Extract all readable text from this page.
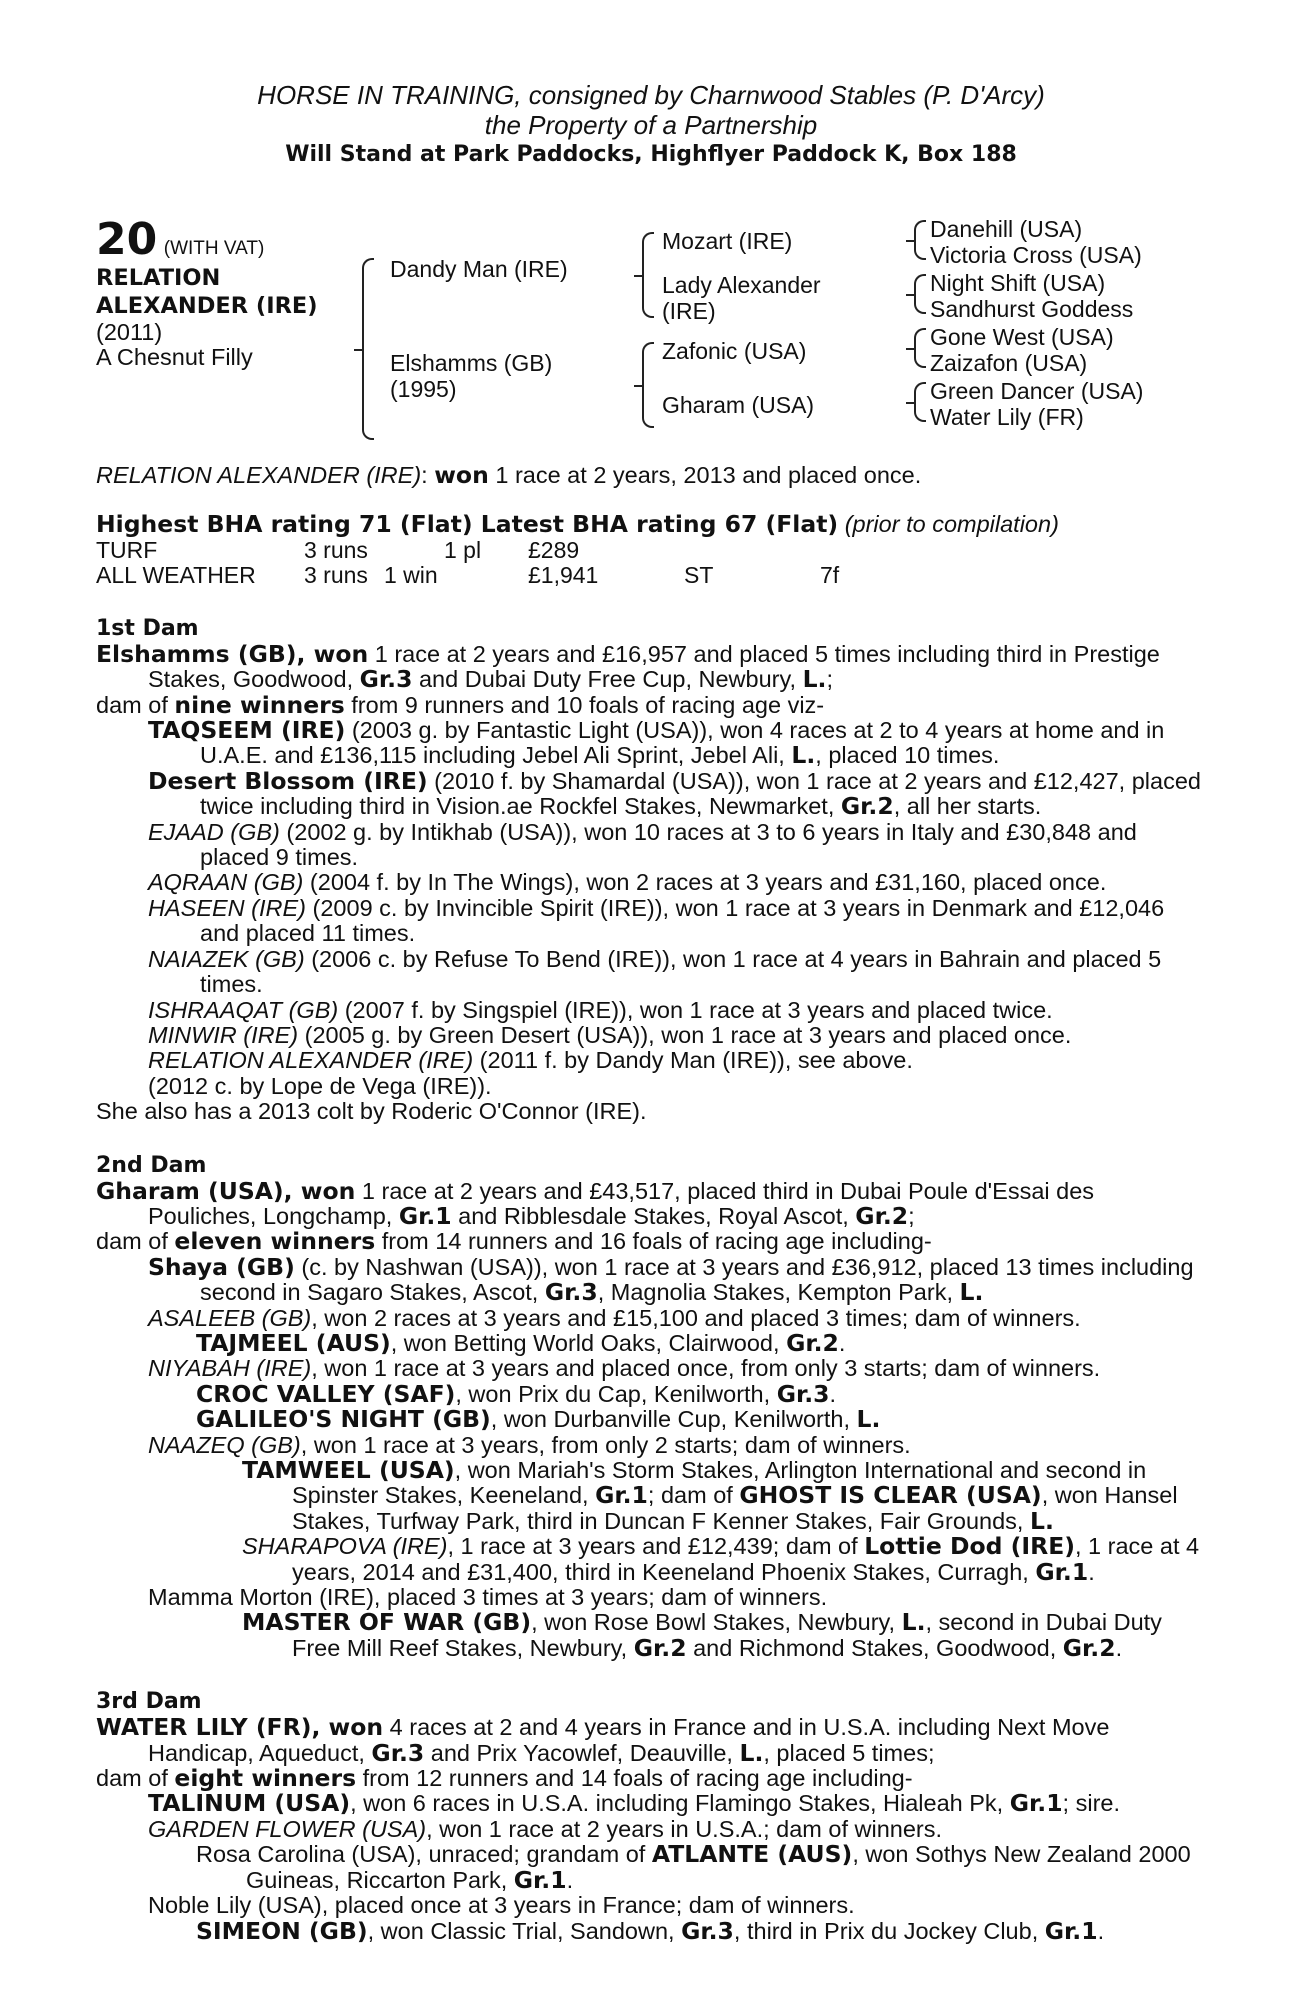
HORSE IN TRAINING, consigned by Charnwood Stables (P. D'Arcy)
the Property of a Partnership
Will Stand at Park Paddocks, Highflyer Paddock K, Box 188
20 (WITH VAT)
RELATION
ALEXANDER (IRE)
(2011)
A Chesnut Filly
Dandy Man (IRE)
Elshamms (GB)
(1995)
Mozart (IRE)
Lady Alexander
(IRE)
Zafonic (USA)
Gharam (USA)
Danehill (USA)
Victoria Cross (USA)
Night Shift (USA)
Sandhurst Goddess
Gone West (USA)
Zaizafon (USA)
Green Dancer (USA)
Water Lily (FR)

RELATION ALEXANDER (IRE): won 1 race at 2 years, 2013 and placed once.

Highest BHA rating 71 (Flat) Latest BHA rating 67 (Flat) (prior to compilation)

TURF	3 runs		1 pl	£289		
ALL WEATHER	3 runs	1 win		£1,941	ST	7f
1st Dam

Elshamms (GB), won 1 race at 2 years and £16,957 and placed 5 times including third in Prestige Stakes, Goodwood, Gr.3 and Dubai Duty Free Cup, Newbury, L.;

dam of nine winners from 9 runners and 10 foals of racing age viz-

TAQSEEM (IRE) (2003 g. by Fantastic Light (USA)), won 4 races at 2 to 4 years at home and in U.A.E. and £136,115 including Jebel Ali Sprint, Jebel Ali, L., placed 10 times.

Desert Blossom (IRE) (2010 f. by Shamardal (USA)), won 1 race at 2 years and £12,427, placed twice including third in Vision.ae Rockfel Stakes, Newmarket, Gr.2, all her starts.

EJAAD (GB) (2002 g. by Intikhab (USA)), won 10 races at 3 to 6 years in Italy and £30,848 and placed 9 times.

AQRAAN (GB) (2004 f. by In The Wings), won 2 races at 3 years and £31,160, placed once.

HASEEN (IRE) (2009 c. by Invincible Spirit (IRE)), won 1 race at 3 years in Denmark and £12,046 and placed 11 times.

NAIAZEK (GB) (2006 c. by Refuse To Bend (IRE)), won 1 race at 4 years in Bahrain and placed 5 times.

ISHRAAQAT (GB) (2007 f. by Singspiel (IRE)), won 1 race at 3 years and placed twice.

MINWIR (IRE) (2005 g. by Green Desert (USA)), won 1 race at 3 years and placed once.

RELATION ALEXANDER (IRE) (2011 f. by Dandy Man (IRE)), see above.

(2012 c. by Lope de Vega (IRE)).

She also has a 2013 colt by Roderic O'Connor (IRE).

2nd Dam

Gharam (USA), won 1 race at 2 years and £43,517, placed third in Dubai Poule d'Essai des Pouliches, Longchamp, Gr.1 and Ribblesdale Stakes, Royal Ascot, Gr.2;

dam of eleven winners from 14 runners and 16 foals of racing age including-

Shaya (GB) (c. by Nashwan (USA)), won 1 race at 3 years and £36,912, placed 13 times including second in Sagaro Stakes, Ascot, Gr.3, Magnolia Stakes, Kempton Park, L.

ASALEEB (GB), won 2 races at 3 years and £15,100 and placed 3 times; dam of winners.

TAJMEEL (AUS), won Betting World Oaks, Clairwood, Gr.2.

NIYABAH (IRE), won 1 race at 3 years and placed once, from only 3 starts; dam of winners.

CROC VALLEY (SAF), won Prix du Cap, Kenilworth, Gr.3.

GALILEO'S NIGHT (GB), won Durbanville Cup, Kenilworth, L.

NAAZEQ (GB), won 1 race at 3 years, from only 2 starts; dam of winners.

TAMWEEL (USA), won Mariah's Storm Stakes, Arlington International and second in Spinster Stakes, Keeneland, Gr.1; dam of GHOST IS CLEAR (USA), won Hansel Stakes, Turfway Park, third in Duncan F Kenner Stakes, Fair Grounds, L.

SHARAPOVA (IRE), 1 race at 3 years and £12,439; dam of Lottie Dod (IRE), 1 race at 4 years, 2014 and £31,400, third in Keeneland Phoenix Stakes, Curragh, Gr.1.

Mamma Morton (IRE), placed 3 times at 3 years; dam of winners.

MASTER OF WAR (GB), won Rose Bowl Stakes, Newbury, L., second in Dubai Duty Free Mill Reef Stakes, Newbury, Gr.2 and Richmond Stakes, Goodwood, Gr.2.

3rd Dam

WATER LILY (FR), won 4 races at 2 and 4 years in France and in U.S.A. including Next Move Handicap, Aqueduct, Gr.3 and Prix Yacowlef, Deauville, L., placed 5 times;

dam of eight winners from 12 runners and 14 foals of racing age including-

TALINUM (USA), won 6 races in U.S.A. including Flamingo Stakes, Hialeah Pk, Gr.1; sire.

GARDEN FLOWER (USA), won 1 race at 2 years in U.S.A.; dam of winners.

Rosa Carolina (USA), unraced; grandam of ATLANTE (AUS), won Sothys New Zealand 2000 Guineas, Riccarton Park, Gr.1.

Noble Lily (USA), placed once at 3 years in France; dam of winners.

SIMEON (GB), won Classic Trial, Sandown, Gr.3, third in Prix du Jockey Club, Gr.1.
